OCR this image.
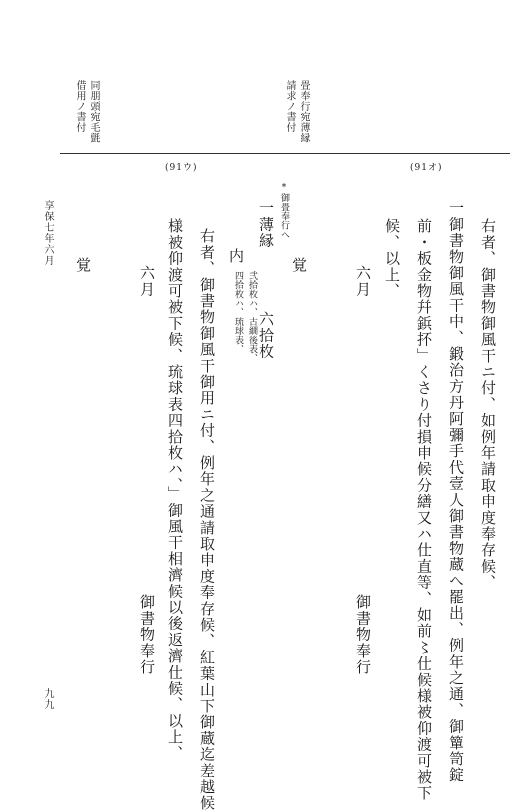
畳奉行宛薄縁
請求ノ書付
同朋頭宛毛氈
借用ノ書付
(91オ)
(91ウ)
右者、御書物御風干ニ付、如例年請取申度奉存候、
一御書物御風干中、鍛治方丹阿彌手代壹人御書物蔵へ罷出、例年之通、御簞笥錠
前・板金物幷鋲抔」くさり付損申候分繕又ハ仕直等、如前〻仕候様被仰渡可被下
候、以上、
六月
御書物奉行
覚
*御畳奉行へ
一薄縁
六拾枚
内
弐拾枚ハ、古繝後表、
四拾枚ハ、琉球表、
右者、御書物御風干御用ニ付、例年之通請取申度奉存候、紅葉山下御蔵迄差越候
様被仰渡可被下候、琉球表四拾枚ハ、」御風干相濟候以後返濟仕候、以上、
六月
御書物奉行
覚
享保七年六月
九九
